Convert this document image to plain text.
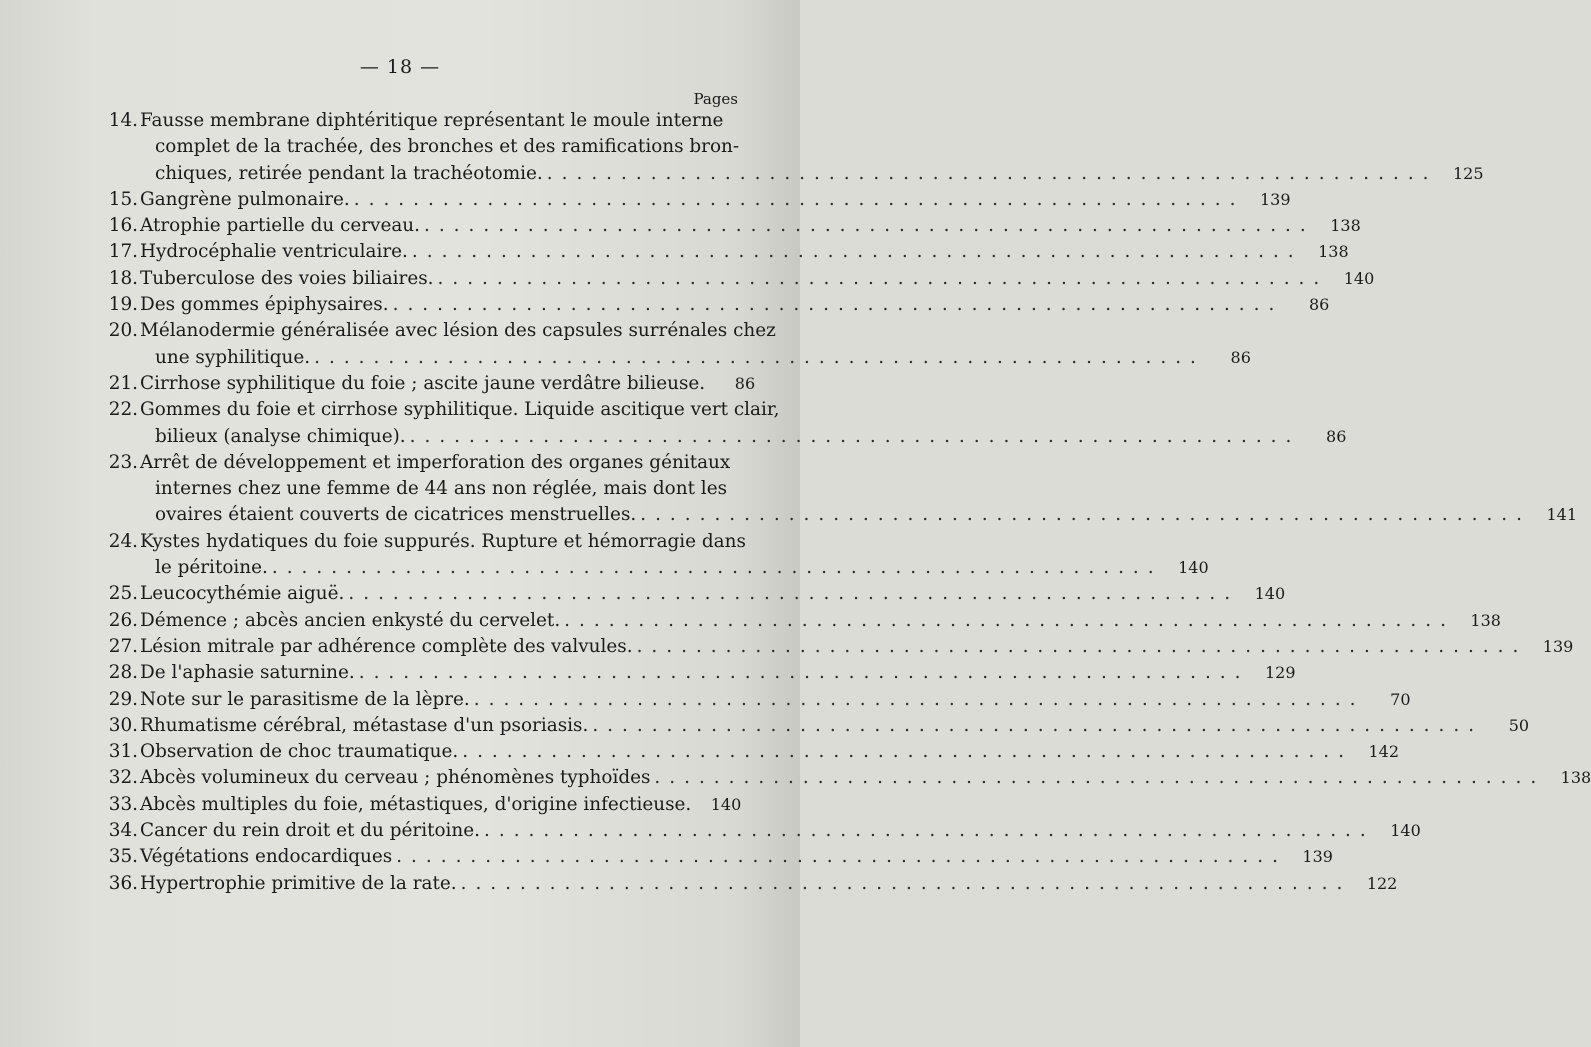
— 18 —
Pages
14. Fausse membrane diphtéritique représentant le moule interne
complet de la trachée, des bronches et des ramifications bron-
chiques, retirée pendant la trachéotomie. ............................................................ 125
15. Gangrène pulmonaire. ............................................................ 139
16. Atrophie partielle du cerveau. ............................................................ 138
17. Hydrocéphalie ventriculaire. ............................................................ 138
18. Tuberculose des voies biliaires. ............................................................ 140
19. Des gommes épiphysaires. ............................................................	86
20. Mélanodermie généralisée avec lésion des capsules surrénales chez
une syphilitique. ............................................................	86
21. Cirrhose syphilitique du foie ; ascite jaune verdâtre bilieuse.	86
22. Gommes du foie et cirrhose syphilitique. Liquide ascitique vert clair,
bilieux (analyse chimique). ............................................................	86
23. Arrêt de développement et imperforation des organes génitaux
internes chez une femme de 44 ans non réglée, mais dont les
ovaires étaient couverts de cicatrices menstruelles. ............................................................ 141
24. Kystes hydatiques du foie suppurés. Rupture et hémorragie dans
le péritoine. ............................................................ 140
25. Leucocythémie aiguë. ............................................................ 140
26. Démence ; abcès ancien enkysté du cervelet. ............................................................ 138
27. Lésion mitrale par adhérence complète des valvules. ............................................................ 139
28. De l'aphasie saturnine. ............................................................ 129
29. Note sur le parasitisme de la lèpre. ............................................................	70
30. Rhumatisme cérébral, métastase d'un psoriasis. ............................................................	50
31. Observation de choc traumatique. ............................................................ 142
32. Abcès volumineux du cerveau ; phénomènes typhoïdes ............................................................ 138
33. Abcès multiples du foie, métastiques, d'origine infectieuse.	140
34. Cancer du rein droit et du péritoine. ............................................................ 140
35. Végétations endocardiques ............................................................ 139
36. Hypertrophie primitive de la rate. ............................................................ 122
